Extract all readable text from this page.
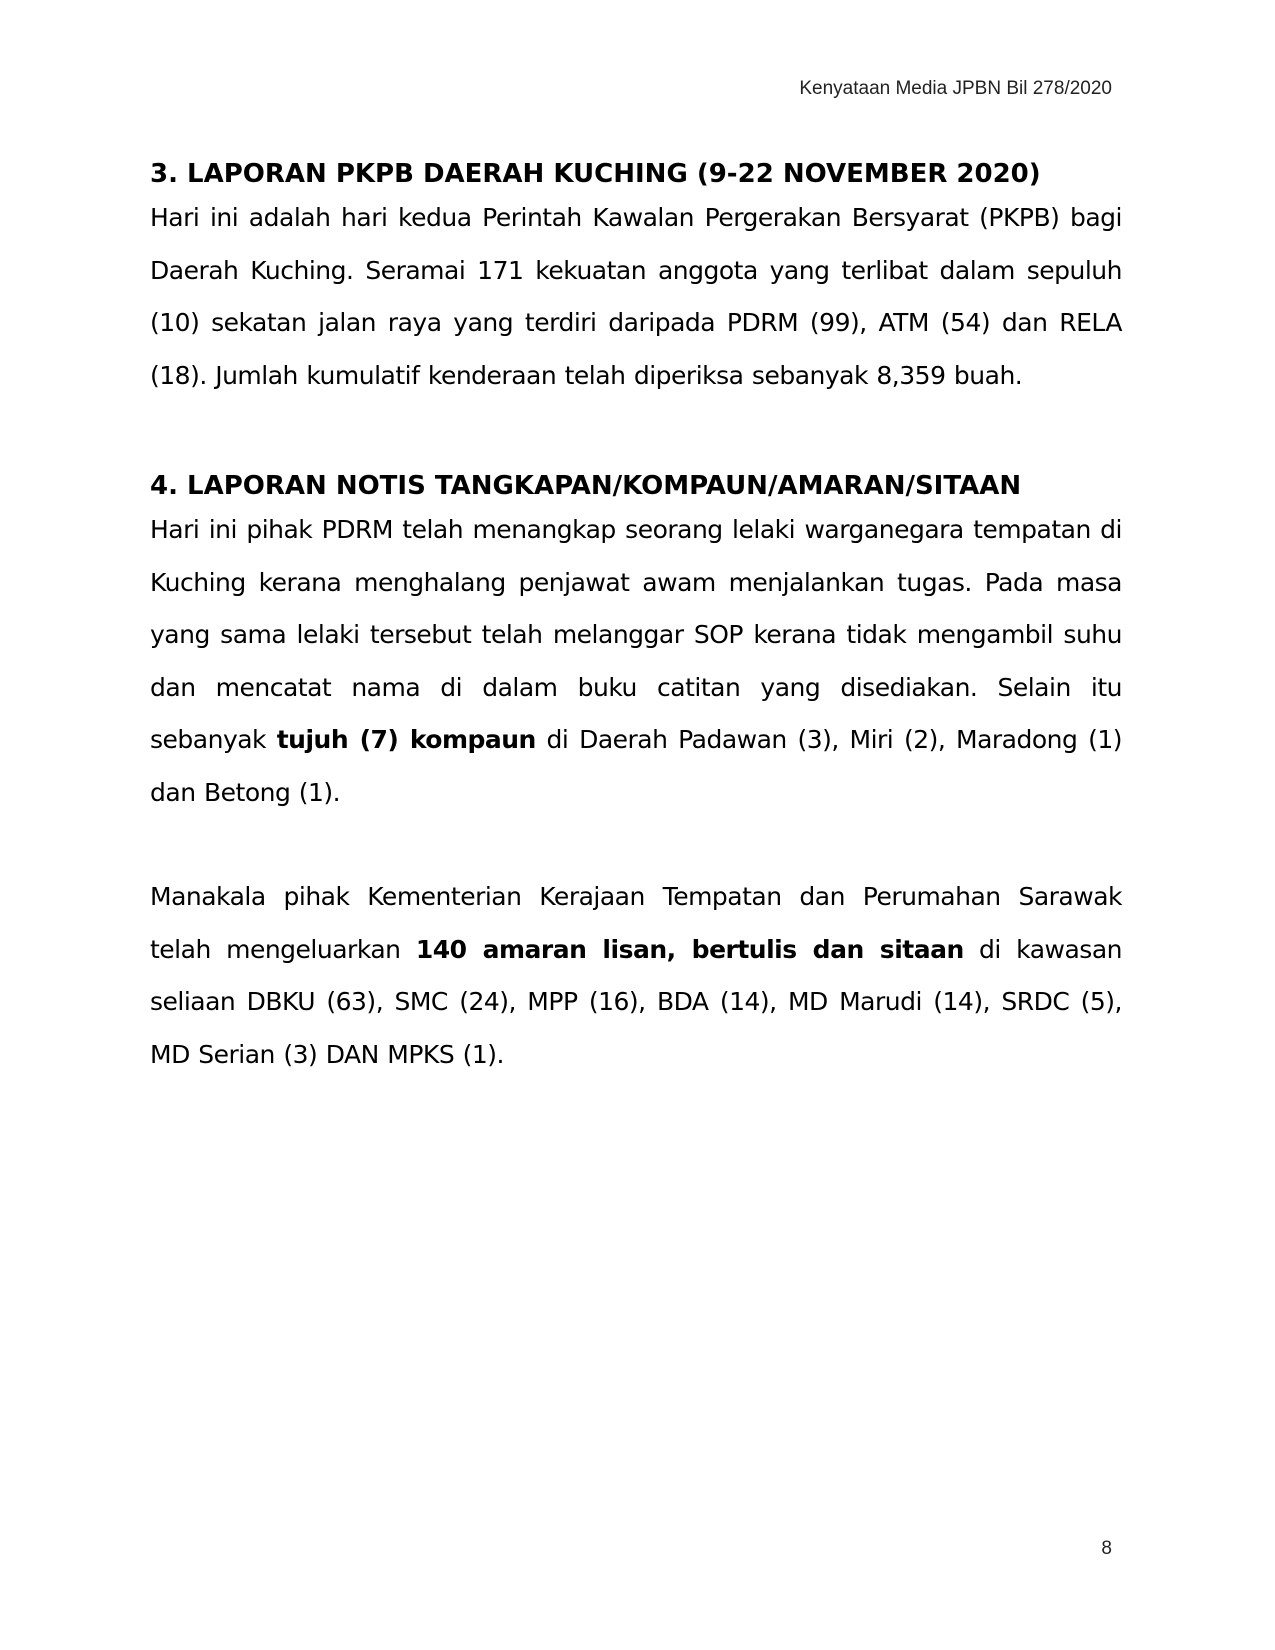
Kenyataan Media JPBN Bil 278/2020
3. LAPORAN PKPB DAERAH KUCHING (9-22 NOVEMBER 2020)

Hari ini adalah hari kedua Perintah Kawalan Pergerakan Bersyarat (PKPB) bagi Daerah Kuching. Seramai 171 kekuatan anggota yang terlibat dalam sepuluh (10) sekatan jalan raya yang terdiri daripada PDRM (99), ATM (54) dan RELA (18). Jumlah kumulatif kenderaan telah diperiksa sebanyak 8,359 buah.

4. LAPORAN NOTIS TANGKAPAN/KOMPAUN/AMARAN/SITAAN

Hari ini pihak PDRM telah menangkap seorang lelaki warganegara tempatan di Kuching kerana menghalang penjawat awam menjalankan tugas. Pada masa yang sama lelaki tersebut telah melanggar SOP kerana tidak mengambil suhu dan mencatat nama di dalam buku catitan yang disediakan. Selain itu sebanyak tujuh (7) kompaun di Daerah Padawan (3), Miri (2), Maradong (1) dan Betong (1).

Manakala pihak Kementerian Kerajaan Tempatan dan Perumahan Sarawak telah mengeluarkan 140 amaran lisan, bertulis dan sitaan di kawasan seliaan DBKU (63), SMC (24), MPP (16), BDA (14), MD Marudi (14), SRDC (5), MD Serian (3) DAN MPKS (1).

8
